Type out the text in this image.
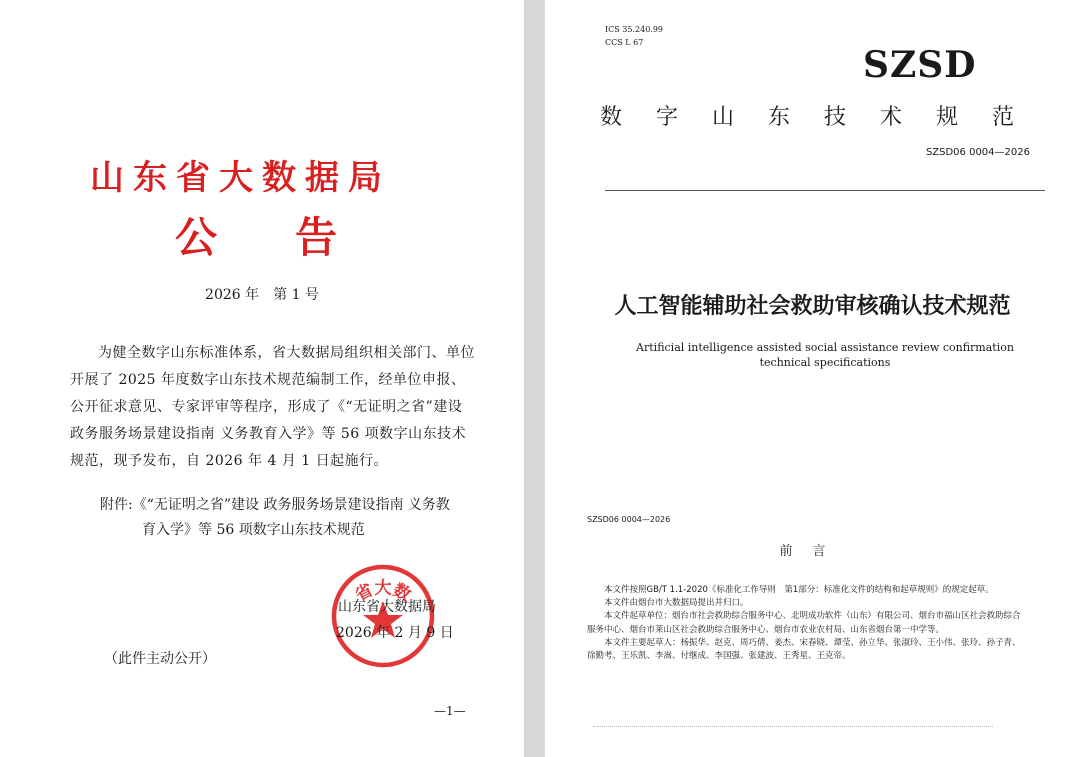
山东省大数据局
公告
2026 年　第 1 号
为健全数字山东标准体系，省大数据局组织相关部门、单位开展了 2025 年度数字山东技术规范编制工作，经单位申报、公开征求意见、专家评审等程序，形成了《“无证明之省”建设 政务服务场景建设指南 义务教育入学》等 56 项数字山东技术规范，现予发布，自 2026 年 4 月 1 日起施行。
附件:《“无证明之省”建设 政务服务场景建设指南 义务教
育入学》等 56 项数字山东技术规范
省大数
山东省大数据局
2026 年 2 月 9 日
（此件主动公开）
—1—
ICS 35.240.99
CCS L 67
SZSD
数字山东技术规范
SZSD06 0004—2026
人工智能辅助社会救助审核确认技术规范
Artificial intelligence assisted social assistance review confirmation technical specifications
SZSD06 0004—2026
前言

本文件按照GB/T 1.1-2020《标准化工作导则　第1部分：标准化文件的结构和起草规则》的规定起草。

本文件由烟台市大数据局提出并归口。

本文件起草单位：烟台市社会救助综合服务中心、北明成功软件（山东）有限公司、烟台市福山区社会救助综合服务中心、烟台市莱山区社会救助综合服务中心、烟台市农业农村局、山东省烟台第一中学等。

本文件主要起草人：杨振华、赵克、周巧倩、姜杰、宋春晓、谭莹、孙立华、张淑玲、王小伟、张玲、孙子青、徐勤考、王乐凯、李嵩、付继成、李国强、张建波、王秀星、王克帝。
